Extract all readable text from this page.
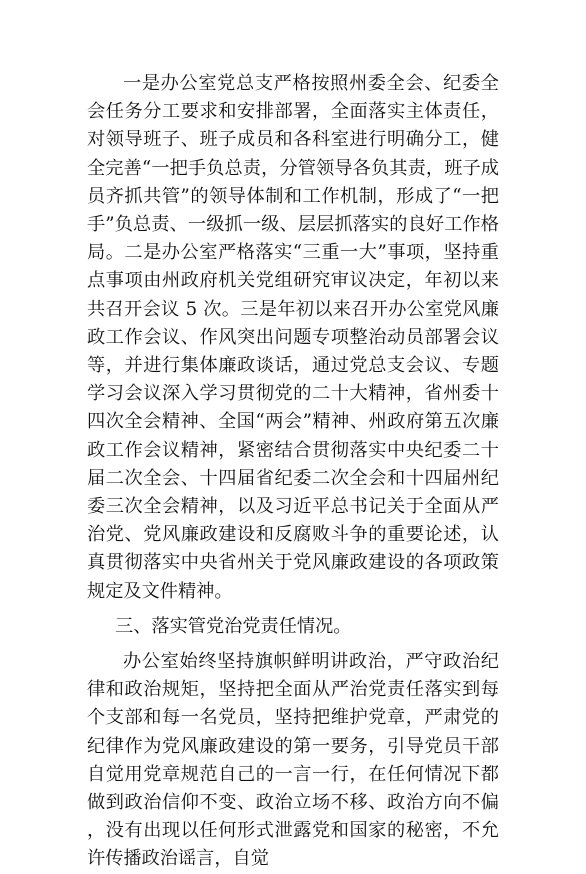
一是办公室党总支严格按照州委全会、纪委全会任务分工要求和安排部署，全面落实主体责任，对领导班子、班子成员和各科室进行明确分工，健全完善“一把手负总责，分管领导各负其责，班子成员齐抓共管”的领导体制和工作机制，形成了“一把手”负总责、一级抓一级、层层抓落实的良好工作格局。二是办公室严格落实“三重一大”事项，坚持重点事项由州政府机关党组研究审议决定，年初以来共召开会议 5 次。三是年初以来召开办公室党风廉政工作会议、作风突出问题专项整治动员部署会议等，并进行集体廉政谈话，通过党总支会议、专题学习会议深入学习贯彻党的二十大精神，省州委十四次全会精神、全国“两会”精神、州政府第五次廉政工作会议精神，紧密结合贯彻落实中央纪委二十届二次全会、十四届省纪委二次全会和十四届州纪委三次全会精神，以及习近平总书记关于全面从严治党、党风廉政建设和反腐败斗争的重要论述，认真贯彻落实中央省州关于党风廉政建设的各项政策规定及文件精神。

三、落实管党治党责任情况。

办公室始终坚持旗帜鲜明讲政治，严守政治纪律和政治规矩，坚持把全面从严治党责任落实到每个支部和每一名党员，坚持把维护党章，严肃党的纪律作为党风廉政建设的第一要务，引导党员干部自觉用党章规范自己的一言一行，在任何情况下都做到政治信仰不变、政治立场不移、政治方向不偏，没有出现以任何形式泄露党和国家的秘密，不允许传播政治谣言，自觉
